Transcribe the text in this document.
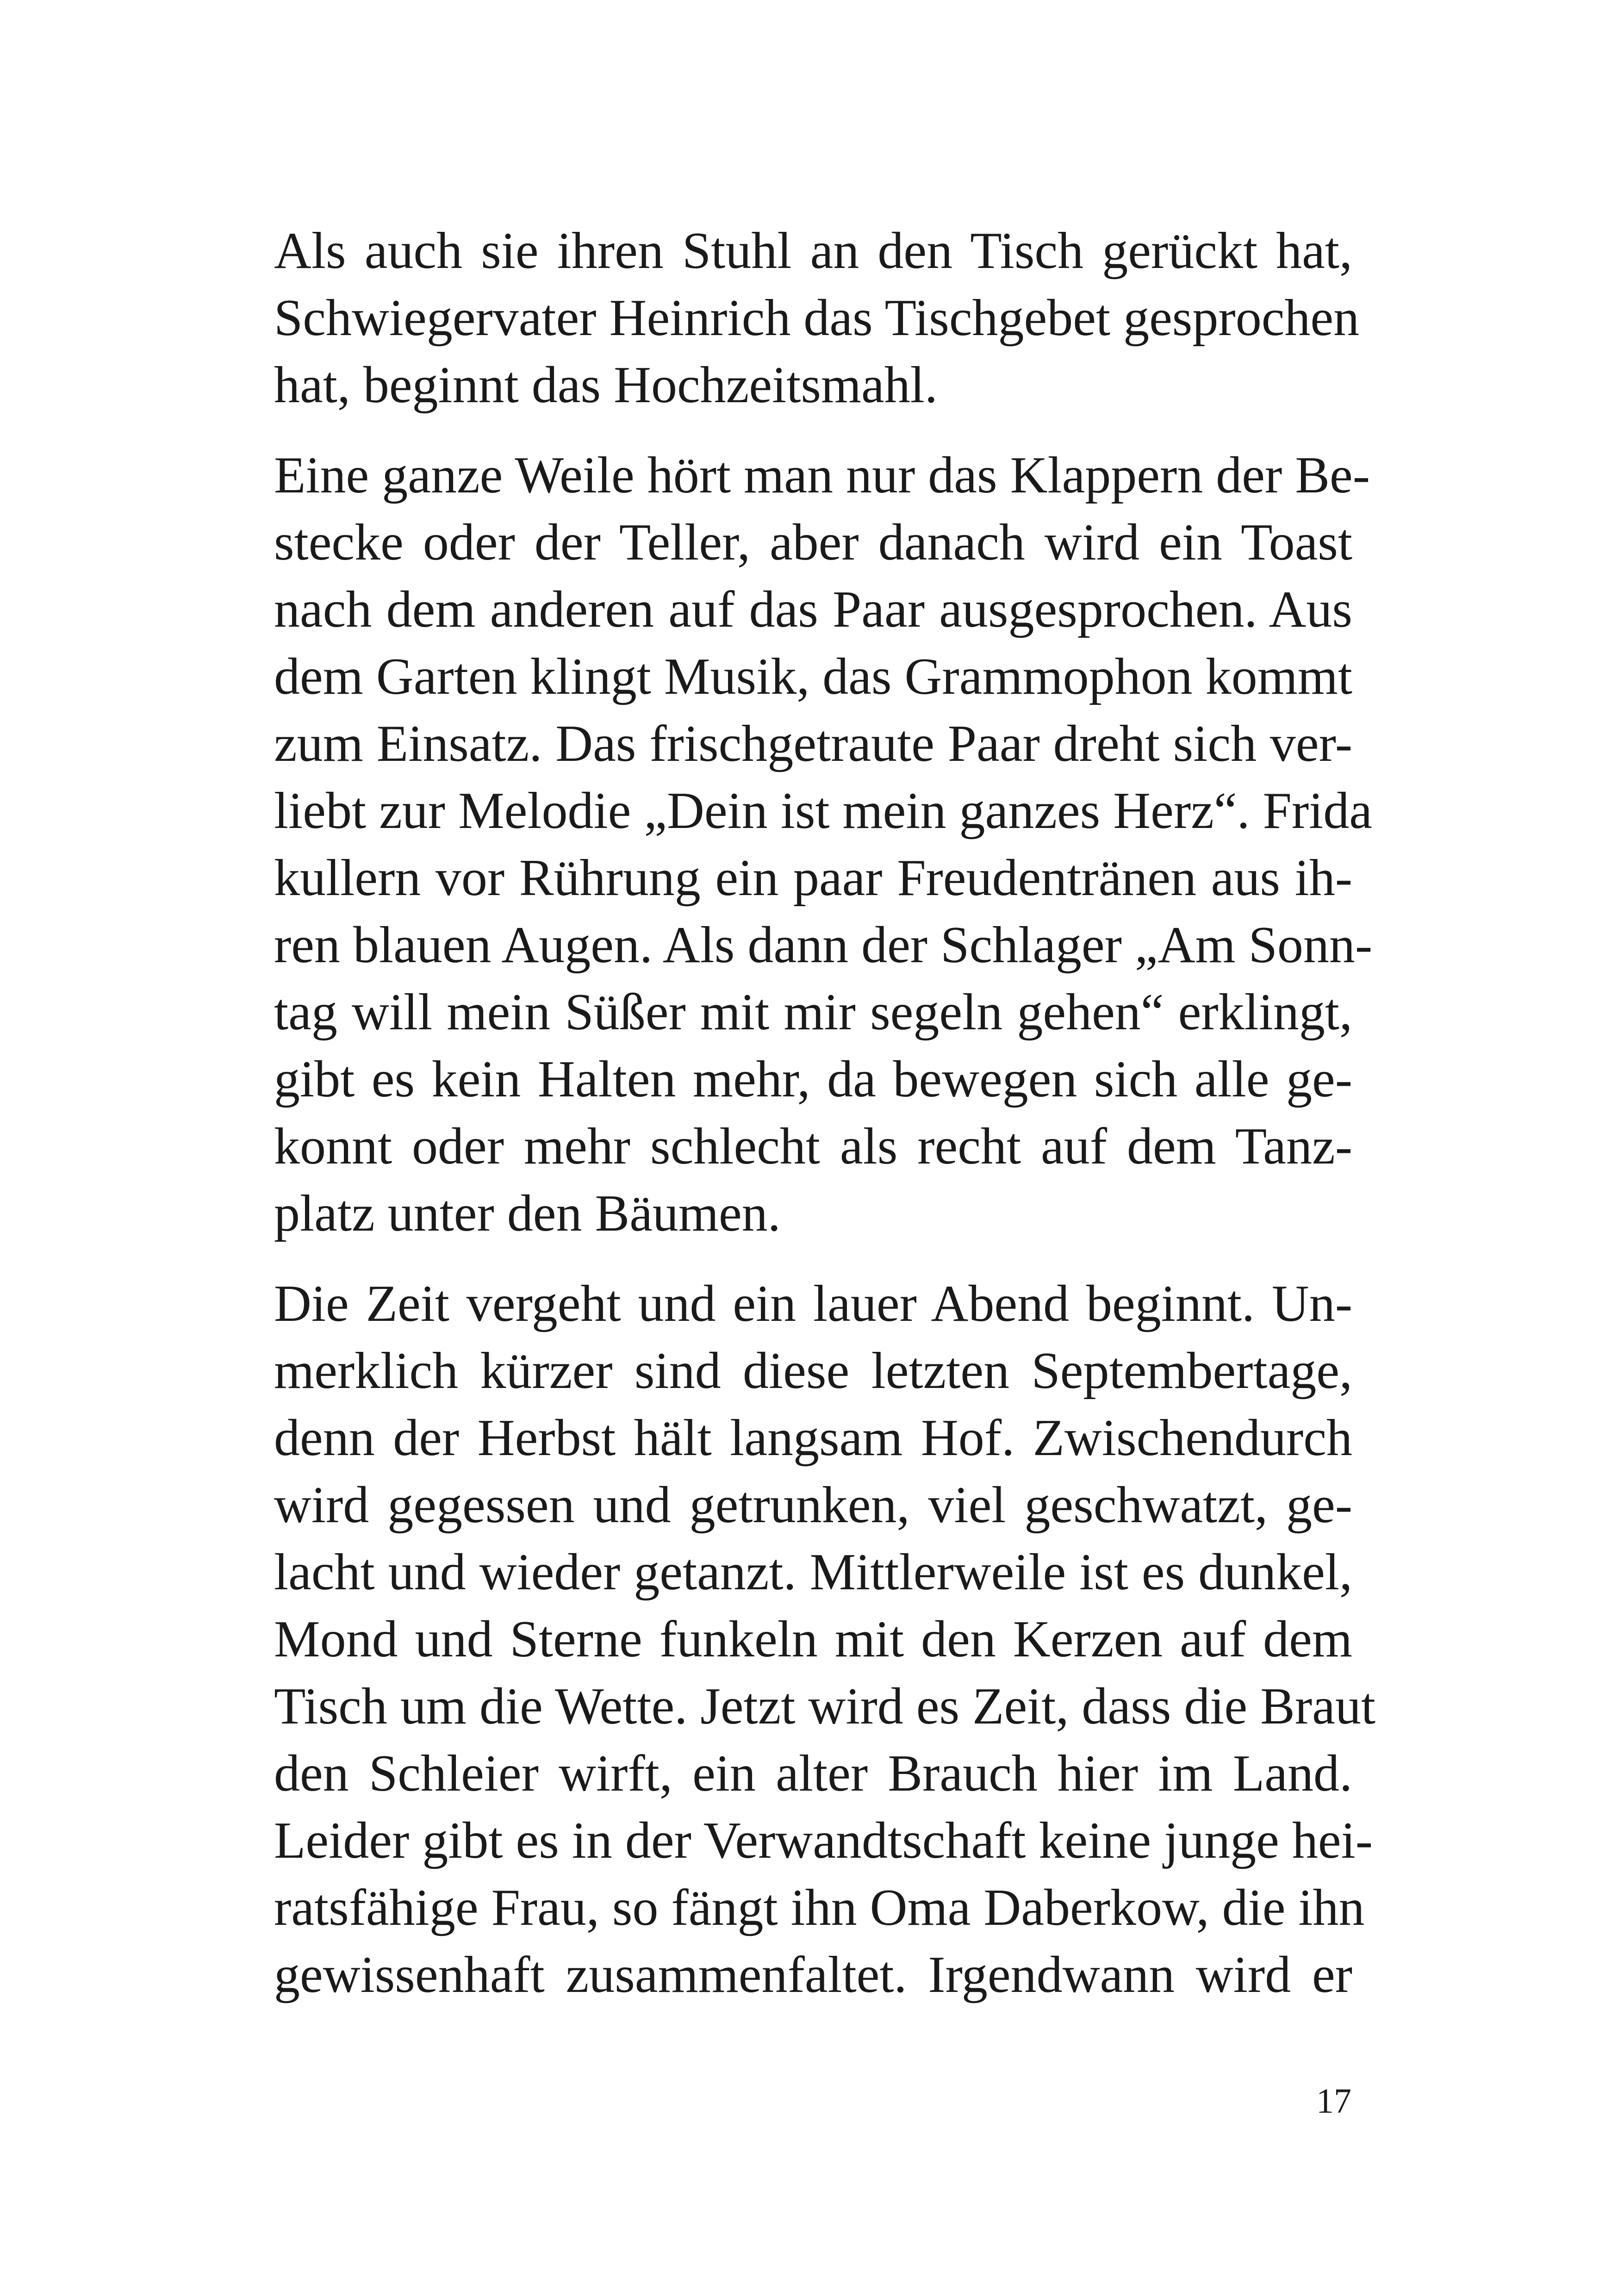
Als auch sie ihren Stuhl an den Tisch gerückt hat,
Schwiegervater Heinrich das Tischgebet gesprochen
hat, beginnt das Hochzeitsmahl.

Eine ganze Weile hört man nur das Klappern der Be-
stecke oder der Teller, aber danach wird ein Toast
nach dem anderen auf das Paar ausgesprochen. Aus
dem Garten klingt Musik, das Grammophon kommt
zum Einsatz. Das frischgetraute Paar dreht sich ver-
liebt zur Melodie „Dein ist mein ganzes Herz“. Frida
kullern vor Rührung ein paar Freudentränen aus ih-
ren blauen Augen. Als dann der Schlager „Am Sonn-
tag will mein Süßer mit mir segeln gehen“ erklingt,
gibt es kein Halten mehr, da bewegen sich alle ge-
konnt oder mehr schlecht als recht auf dem Tanz-
platz unter den Bäumen.

Die Zeit vergeht und ein lauer Abend beginnt. Un-
merklich kürzer sind diese letzten Septembertage,
denn der Herbst hält langsam Hof. Zwischendurch
wird gegessen und getrunken, viel geschwatzt, ge-
lacht und wieder getanzt. Mittlerweile ist es dunkel,
Mond und Sterne funkeln mit den Kerzen auf dem
Tisch um die Wette. Jetzt wird es Zeit, dass die Braut
den Schleier wirft, ein alter Brauch hier im Land.
Leider gibt es in der Verwandtschaft keine junge hei-
ratsfähige Frau, so fängt ihn Oma Daberkow, die ihn
gewissenhaft zusammenfaltet. Irgendwann wird er

17
